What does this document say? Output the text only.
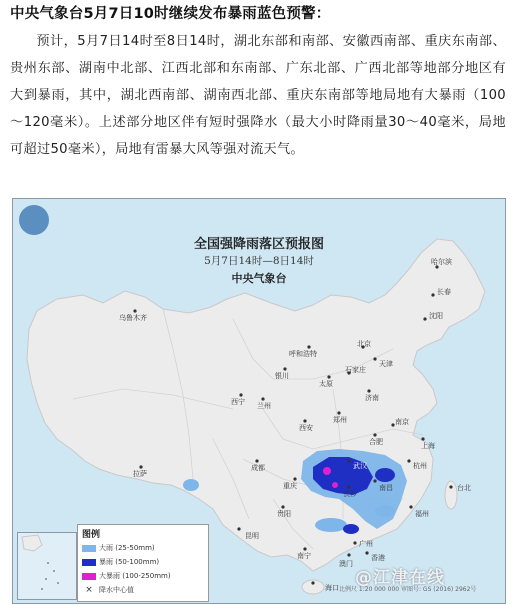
中央气象台5月7日10时继续发布暴雨蓝色预警：

预计，5月7日14时至8日14时，湖北东部和南部、安徽西南部、重庆东南部、贵州东部、湖南中北部、江西北部和东南部、广东北部、广西北部等地部分地区有大到暴雨，其中，湖北西南部、湖南西北部、重庆东南部等地局地有大暴雨（100～120毫米）。上述部分地区伴有短时强降水（最大小时降雨量30～40毫米，局地可超过50毫米），局地有雷暴大风等强对流天气。

全国强降雨落区预报图
5月7日14时—8日14时
中央气象台
哈尔滨
长春
沈阳
乌鲁木齐
呼和浩特
北京
天津
银川
太原
石家庄
济南
西宁 兰州
郑州
西安
合肥
南京
上海
拉萨
成都	武汉	杭州
重庆
长沙
南昌
贵阳	福州
台北
昆明
广州
南宁	香港
澳门
海口
图例
大雨 (25-50mm)
暴雨 (50-100mm)
大暴雨 (100-250mm)
× 降水中心值	比例尺 1:20 000 000 审图号: GS (2016) 2962号
@江津在线
